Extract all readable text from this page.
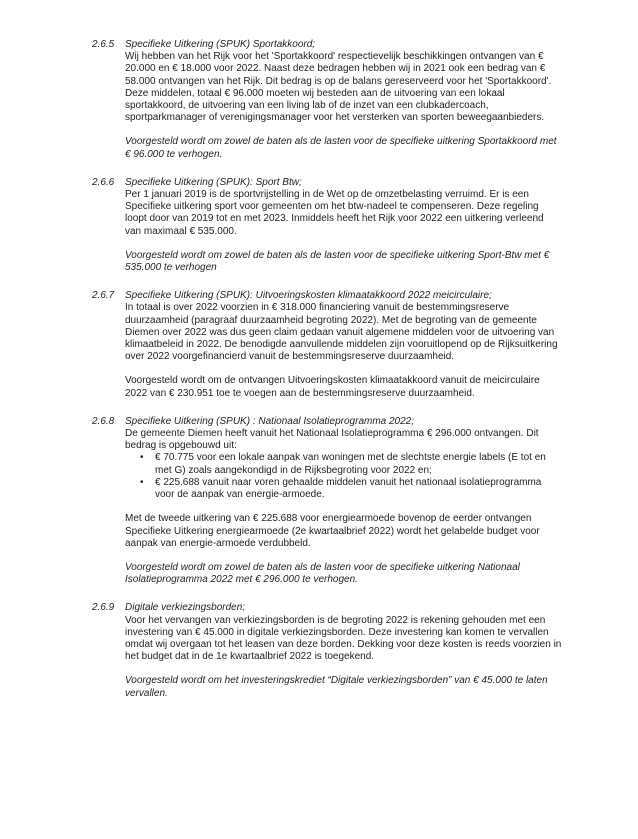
2.6.5	Specifieke Uitkering (SPUK) Sportakkoord;

Wij hebben van het Rijk voor het 'Sportakkoord' respectievelijk beschikkingen ontvangen van € 20.000 en € 18.000 voor 2022. Naast deze bedragen hebben wij in 2021 ook een bedrag van € 58.000 ontvangen van het Rijk. Dit bedrag is op de balans gereserveerd voor het 'Sportakkoord'. Deze middelen, totaal € 96.000 moeten wij besteden aan de uitvoering van een lokaal sportakkoord, de uitvoering van een living lab of de inzet van een clubkadercoach, sportparkmanager of verenigingsmanager voor het versterken van sporten beweegaanbieders.

Voorgesteld wordt om zowel de baten als de lasten voor de specifieke uitkering Sportakkoord met € 96.000 te verhogen.

2.6.6	Specifieke Uitkering (SPUK): Sport Btw;

Per 1 januari 2019 is de sportvrijstelling in de Wet op de omzetbelasting verruimd. Er is een Specifieke uitkering sport voor gemeenten om het btw-nadeel te compenseren. Deze regeling loopt door van 2019 tot en met 2023. Inmiddels heeft het Rijk voor 2022 een uitkering verleend van maximaal € 535.000.

Voorgesteld wordt om zowel de baten als de lasten voor de specifieke uitkering Sport-Btw met € 535.000 te verhogen

2.6.7	Specifieke Uitkering (SPUK): Uitvoeringskosten klimaatakkoord 2022 meicirculaire;

In totaal is over 2022 voorzien in € 318.000 financiering vanuit de bestemmingsreserve duurzaamheid (paragraaf duurzaamheid begroting 2022). Met de begroting van de gemeente Diemen over 2022 was dus geen claim gedaan vanuit algemene middelen voor de uitvoering van klimaatbeleid in 2022. De benodigde aanvullende middelen zijn vooruitlopend op de Rijksuitkering over 2022 voorgefinancierd vanuit de bestemmingsreserve duurzaamheid.

Voorgesteld wordt om de ontvangen Uitvoeringskosten klimaatakkoord vanuit de meicirculaire 2022 van € 230.951 toe te voegen aan de bestemmingsreserve duurzaamheid.

2.6.8	Specifieke Uitkering (SPUK) : Nationaal Isolatieprogramma 2022;

De gemeente Diemen heeft vanuit het Nationaal Isolatieprogramma € 296.000 ontvangen. Dit bedrag is opgebouwd uit:

• € 70.775 voor een lokale aanpak van woningen met de slechtste energie labels (E tot en met G) zoals aangekondigd in de Rijksbegroting voor 2022 en;
• € 225.688 vanuit naar voren gehaalde middelen vanuit het nationaal isolatieprogramma voor de aanpak van energie-armoede.

Met de tweede uitkering van € 225.688 voor energiearmoede bovenop de eerder ontvangen Specifieke Uitkering energiearmoede (2e kwartaalbrief 2022) wordt het gelabelde budget voor aanpak van energie-armoede verdubbeld.

Voorgesteld wordt om zowel de baten als de lasten voor de specifieke uitkering Nationaal Isolatieprogramma 2022 met € 296.000 te verhogen.

2.6.9	Digitale verkiezingsborden;

Voor het vervangen van verkiezingsborden is de begroting 2022 is rekening gehouden met een investering van € 45.000 in digitale verkiezingsborden. Deze investering kan komen te vervallen omdat wij overgaan tot het leasen van deze borden. Dekking voor deze kosten is reeds voorzien in het budget dat in de 1e kwartaalbrief 2022 is toegekend.

Voorgesteld wordt om het investeringskrediet “Digitale verkiezingsborden” van € 45.000 te laten vervallen.
